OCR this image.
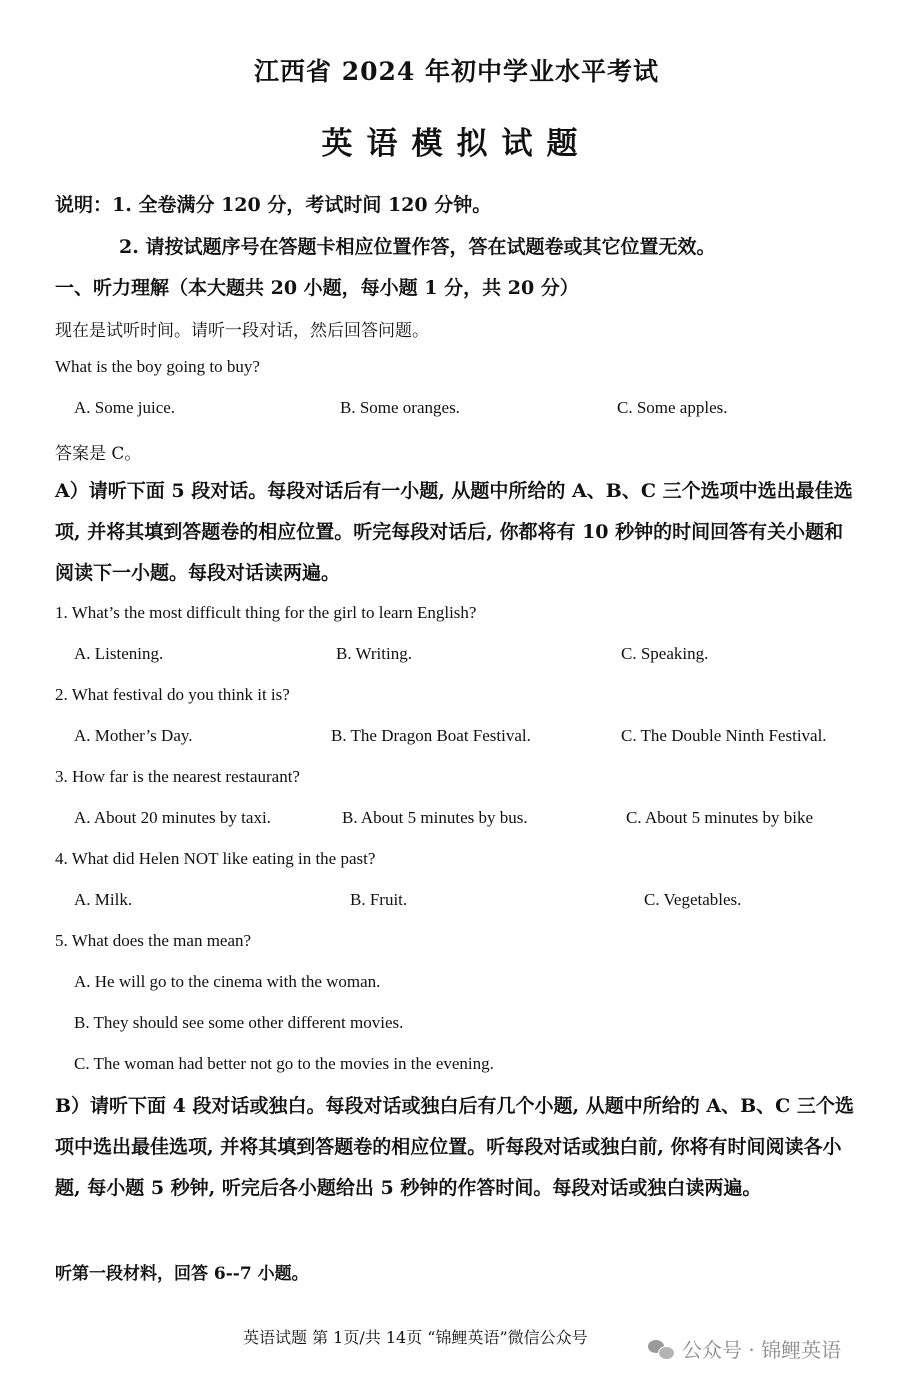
江西省 2024 年初中学业水平考试
英语模拟试题
说明：1. 全卷满分 120 分，考试时间 120 分钟。
2. 请按试题序号在答题卡相应位置作答，答在试题卷或其它位置无效。
一、听力理解（本大题共 20 小题，每小题 1 分，共 20 分）
现在是试听时间。请听一段对话，然后回答问题。
What is the boy going to buy?
A. Some juice.	B. Some oranges.	C. Some apples.
答案是 C。
A）请听下面 5 段对话。每段对话后有一小题, 从题中所给的 A、B、C 三个选项中选出最佳选项, 并将其填到答题卷的相应位置。听完每段对话后, 你都将有 10 秒钟的时间回答有关小题和阅读下一小题。每段对话读两遍。
1. What’s the most difficult thing for the girl to learn English?
A. Listening.	B. Writing.	C. Speaking.
2. What festival do you think it is?
A. Mother’s Day.	B. The Dragon Boat Festival.	C. The Double Ninth Festival.
3. How far is the nearest restaurant?
A. About 20 minutes by taxi.	B. About 5 minutes by bus.	C. About 5 minutes by bike
4. What did Helen NOT like eating in the past?
A. Milk.	B. Fruit.	C. Vegetables.
5. What does the man mean?
A. He will go to the cinema with the woman.
B. They should see some other different movies.
C. The woman had better not go to the movies in the evening.
B）请听下面 4 段对话或独白。每段对话或独白后有几个小题, 从题中所给的 A、B、C 三个选项中选出最佳选项, 并将其填到答题卷的相应位置。听每段对话或独白前, 你将有时间阅读各小题, 每小题 5 秒钟, 听完后各小题给出 5 秒钟的作答时间。每段对话或独白读两遍。
听第一段材料，回答 6--7 小题。
英语试题 第 1页/共 14页 “锦鲤英语”微信公众号
公众号 · 锦鲤英语
